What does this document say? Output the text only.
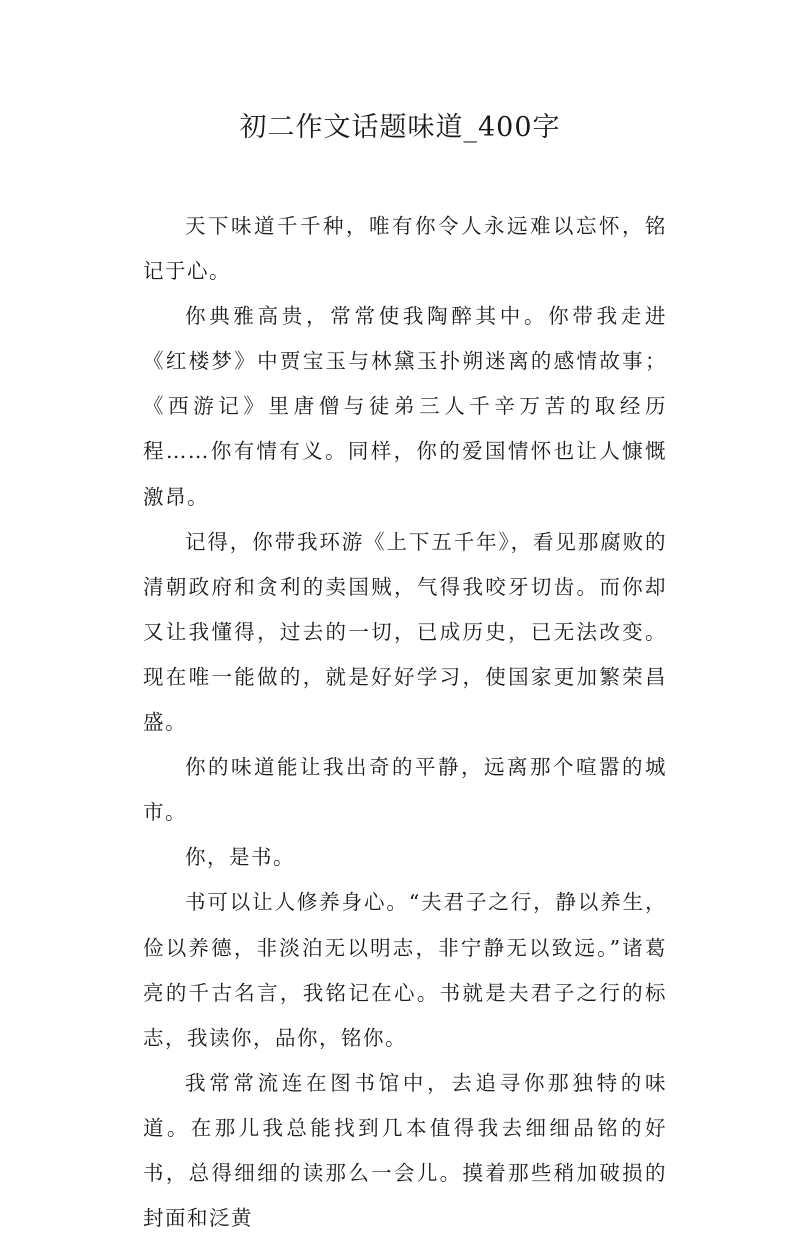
初二作文话题味道_400字

天下味道千千种，唯有你令人永远难以忘怀，铭记于心。

你典雅高贵，常常使我陶醉其中。你带我走进《红楼梦》中贾宝玉与林黛玉扑朔迷离的感情故事；《西游记》里唐僧与徒弟三人千辛万苦的取经历程……你有情有义。同样，你的爱国情怀也让人慷慨激昂。

记得，你带我环游《上下五千年》，看见那腐败的清朝政府和贪利的卖国贼，气得我咬牙切齿。而你却又让我懂得，过去的一切，已成历史，已无法改变。现在唯一能做的，就是好好学习，使国家更加繁荣昌盛。

你的味道能让我出奇的平静，远离那个喧嚣的城市。

你，是书。

书可以让人修养身心。“夫君子之行，静以养生，俭以养德，非淡泊无以明志，非宁静无以致远。”诸葛亮的千古名言，我铭记在心。书就是夫君子之行的标志，我读你，品你，铭你。

我常常流连在图书馆中，去追寻你那独特的味道。在那儿我总能找到几本值得我去细细品铭的好书，总得细细的读那么一会儿。摸着那些稍加破损的封面和泛黄
